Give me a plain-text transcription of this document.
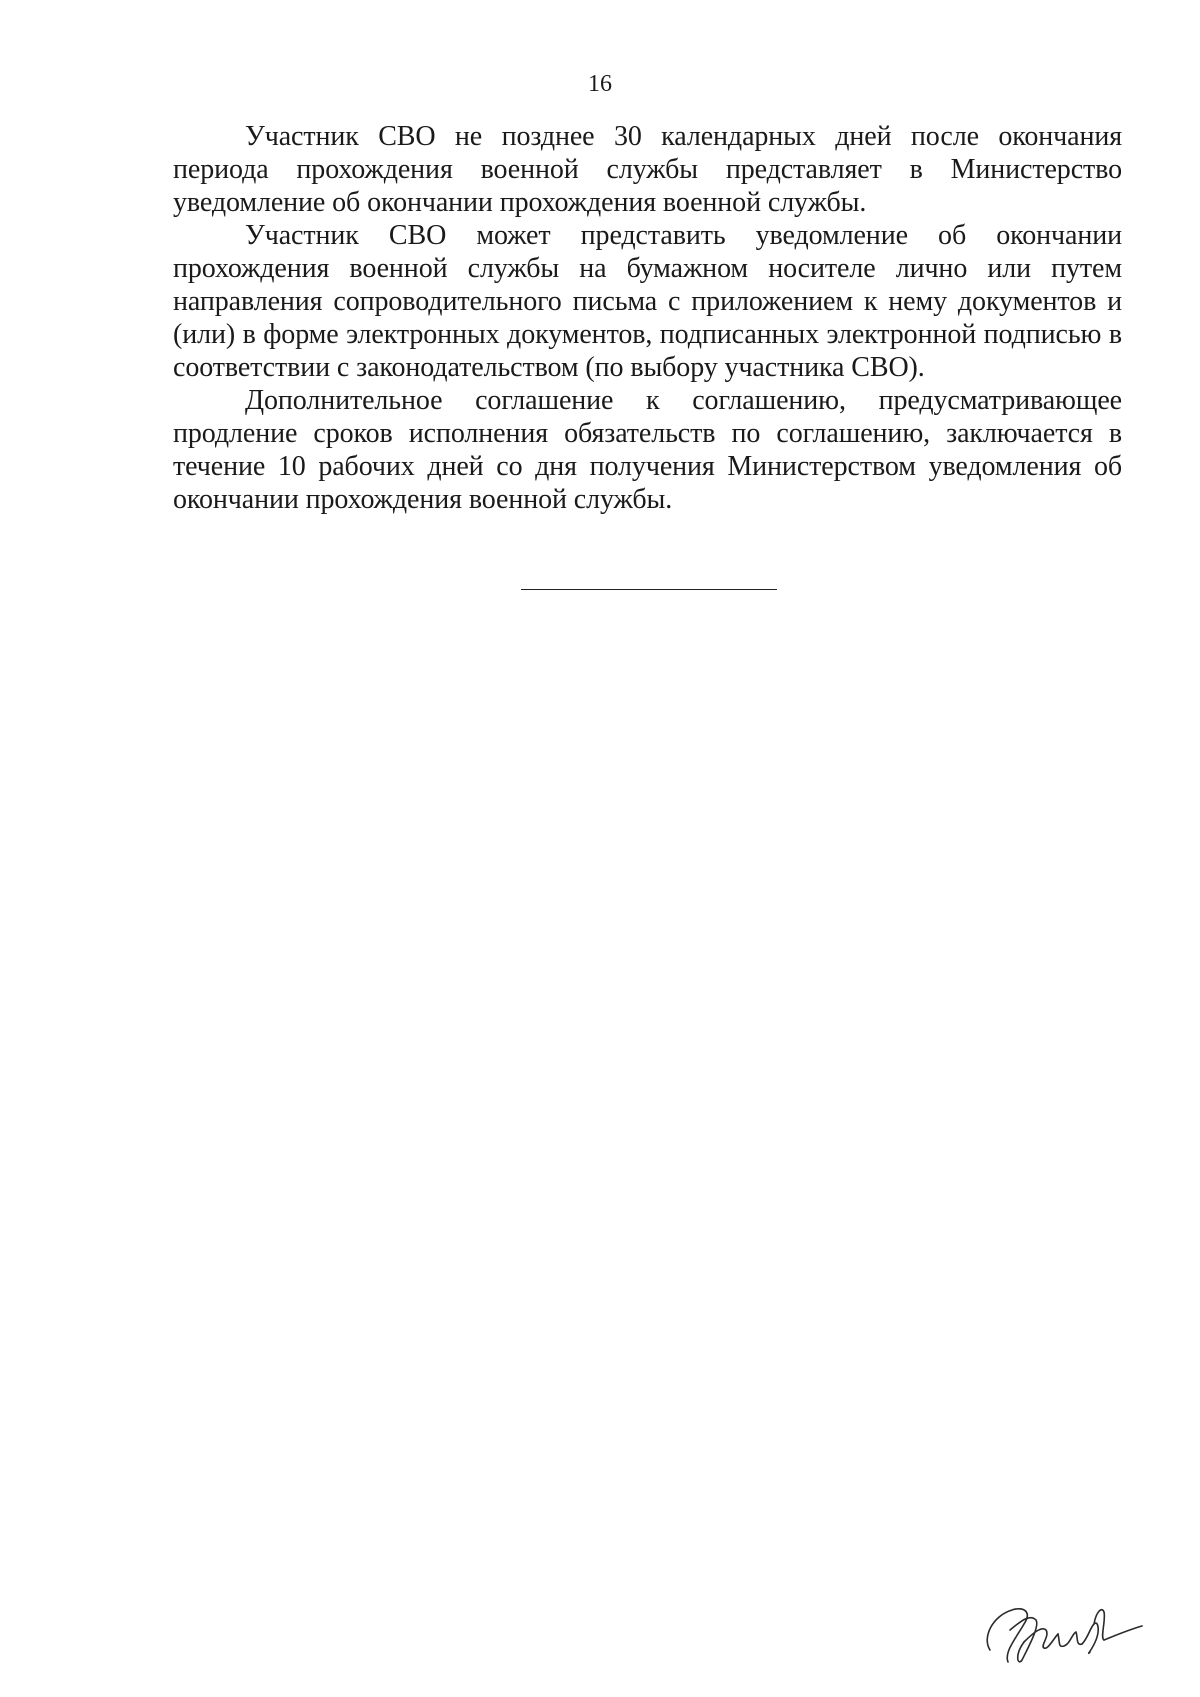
16

Участник СВО не позднее 30 календарных дней после окончания периода прохождения военной службы представляет в Министерство уведомление об окончании прохождения военной службы.

Участник СВО может представить уведомление об окончании прохождения военной службы на бумажном носителе лично или путем направления сопроводительного письма с приложением к нему документов и (или) в форме электронных документов, подписанных электронной подписью в соответствии с законодательством (по выбору участника СВО).

Дополнительное соглашение к соглашению, предусматривающее продление сроков исполнения обязательств по соглашению, заключается в течение 10 рабочих дней со дня получения Министерством уведомления об окончании прохождения военной службы.
